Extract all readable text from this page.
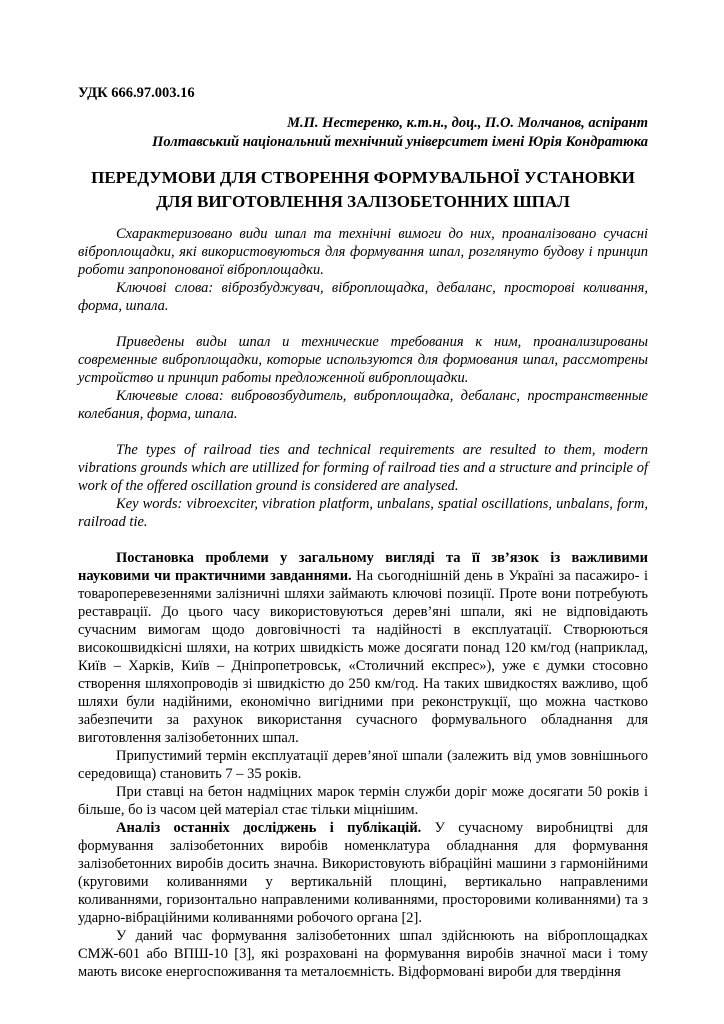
УДК 666.97.003.16

М.П. Нестеренко, к.т.н., доц., П.О. Молчанов, аспірант

Полтавський національний технічний університет імені Юрія Кондратюка

ПЕРЕДУМОВИ ДЛЯ СТВОРЕННЯ ФОРМУВАЛЬНОЇ УСТАНОВКИ ДЛЯ ВИГОТОВЛЕННЯ ЗАЛІЗОБЕТОННИХ ШПАЛ

Схарактеризовано види шпал та технічні вимоги до них, проаналізовано сучасні віброплощадки, які використовуються для формування шпал, розглянуто будову і принцип роботи запропонованої віброплощадки.

Ключові слова: віброзбуджувач, віброплощадка, дебаланс, просторові коливання, форма, шпала.

Приведены виды шпал и технические требования к ним, проанализированы современные виброплощадки, которые используются для формования шпал, рассмотрены устройство и принцип работы предложенной виброплощадки.

Ключевые слова: вибровозбудитель, виброплощадка, дебаланс, пространственные колебания, форма, шпала.

The types of railroad ties and technical requirements are resulted to them, modern vibrations grounds which are utillized for forming of railroad ties and a structure and principle of work of the offered oscillation ground is considered are analysed.

Key words: vibroexciter, vibration platform, unbalans, spatial oscillations, unbalans, form, railroad tie.

Постановка проблеми у загальному вигляді та її зв’язок із важливими науковими чи практичними завданнями. На сьогоднішній день в Україні за пасажиро- і товароперевезеннями залізничні шляхи займають ключові позиції. Проте вони потребують реставрації. До цього часу використовуються дерев’яні шпали, які не відповідають сучасним вимогам щодо довговічності та надійності в експлуатації. Створюються високошвидкісні шляхи, на котрих швидкість може досягати понад 120 км/год (наприклад, Київ – Харків, Київ – Дніпропетровськ, «Столичний експрес»), уже є думки стосовно створення шляхопроводів зі швидкістю до 250 км/год. На таких швидкостях важливо, щоб шляхи були надійними, економічно вигідними при реконструкції, що можна частково забезпечити за рахунок використання сучасного формувального обладнання для виготовлення залізобетонних шпал.

Припустимий термін експлуатації дерев’яної шпали (залежить від умов зовнішнього середовища) становить 7 – 35 років.

При ставці на бетон надміцних марок термін служби доріг може досягати 50 років і більше, бо із часом цей матеріал стає тільки міцнішим.

Аналіз останніх досліджень і публікацій. У сучасному виробництві для формування залізобетонних виробів номенклатура обладнання для формування залізобетонних виробів досить значна. Використовують вібраційні машини з гармонійними (круговими коливаннями у вертикальній площині, вертикально направленими коливаннями, горизонтально направленими коливаннями, просторовими коливаннями) та з ударно-вібраційними коливаннями робочого органа [2].

У даний час формування залізобетонних шпал здійснюють на віброплощадках СМЖ-601 або ВПШ-10 [3], які розраховані на формування виробів значної маси і тому мають високе енергоспоживання та металоємність. Відформовані вироби для твердіння
